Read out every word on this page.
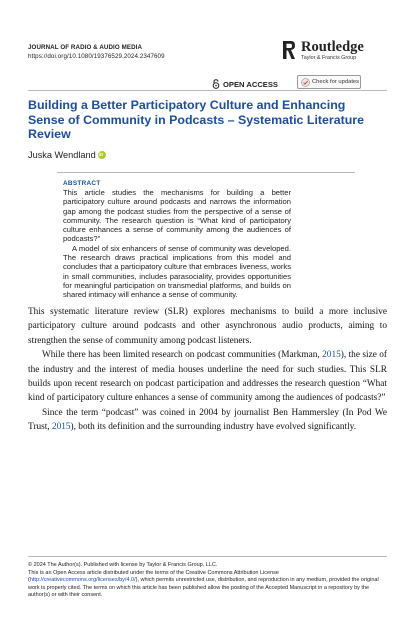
JOURNAL OF RADIO & AUDIO MEDIA
https://doi.org/10.1080/19376529.2024.2347609
Routledge
Taylor & Francis Group
OPEN ACCESS	Check for updates
Building a Better Participatory Culture and Enhancing Sense of Community in Podcasts – Systematic Literature Review
Juska Wendland
iD
ABSTRACT

This article studies the mechanisms for building a better participatory culture around podcasts and narrows the information gap among the podcast studies from the perspective of a sense of community. The research question is “What kind of participatory culture enhances a sense of community among the audiences of podcasts?”

A model of six enhancers of sense of community was developed. The research draws practical implications from this model and concludes that a participatory culture that embraces liveness, works in small communities, includes parasociality, provides opportunities for meaningful participation on transmedial platforms, and builds on shared intimacy will enhance a sense of community.

This systematic literature review (SLR) explores mechanisms to build a more inclusive participatory culture around podcasts and other asynchronous audio products, aiming to strengthen the sense of community among podcast listeners.

While there has been limited research on podcast communities (Markman, 2015), the size of the industry and the interest of media houses underline the need for such studies. This SLR builds upon recent research on podcast participation and addresses the research question “What kind of participatory culture enhances a sense of community among the audiences of podcasts?”

Since the term “podcast” was coined in 2004 by journalist Ben Hammersley (In Pod We Trust, 2015), both its definition and the surrounding industry have evolved significantly.

© 2024 The Author(s). Published with license by Taylor & Francis Group, LLC.

This is an Open Access article distributed under the terms of the Creative Commons Attribution License (http://creativecommons.org/licenses/by/4.0/), which permits unrestricted use, distribution, and reproduction in any medium, provided the original work is properly cited. The terms on which this article has been published allow the posting of the Accepted Manuscript in a repository by the author(s) or with their consent.
